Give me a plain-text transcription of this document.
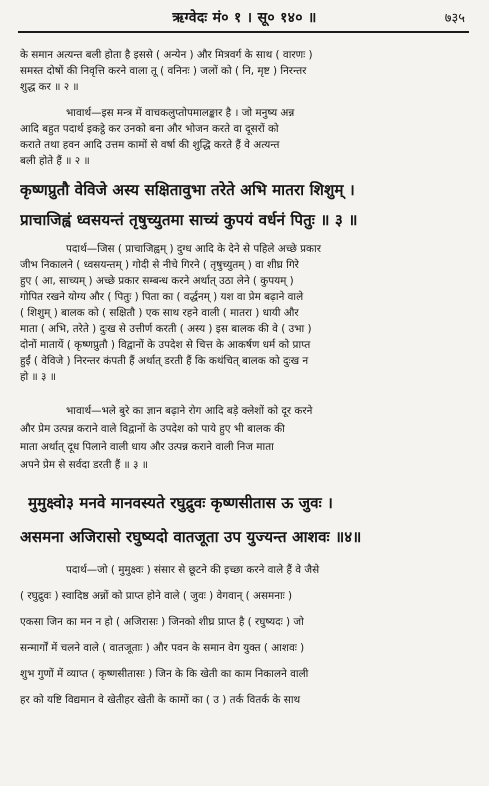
ऋग्वेदः मं० १ । सू० १४० ॥	७३५
के समान अत्यन्त बली होता है इससे ( अन्येन ) और मित्रवर्ग के साथ ( वारणः )
समस्त दोषों की निवृत्ति करने वाला तू ( वनिनः ) जलों को ( नि, मृष्ट ) निरन्तर
शुद्ध कर ॥ २ ॥
भावार्थ—इस मन्त्र में वाचकलुप्तोपमालङ्कार है । जो मनुष्य अन्न
आदि बहुत पदार्थ इकट्ठे कर उनको बना और भोजन करते वा दूसरों को
कराते तथा हवन आदि उत्तम कामों से वर्षा की शुद्धि करते हैं वे अत्यन्त
बली होते हैं ॥ २ ॥
कृष्णप्रुतौ वेविजे अस्य सक्षितावुभा तरेते अभि मातरा शिशुम् ।
प्राचाजिह्वं ध्वसयन्तं तृषुच्युतमा साच्यं कुपयं वर्धनं पितुः ॥ ३ ॥
पदार्थ—जिस ( प्राचाजिह्वम् ) दुग्ध आदि के देने से पहिले अच्छे प्रकार
जीभ निकालने ( ध्वसयन्तम् ) गोदी से नीचे गिरने ( तृषुच्युतम् ) वा शीघ्र गिरे
हुए ( आ, साच्यम् ) अच्छे प्रकार सम्बन्ध करने अर्थात् उठा लेने ( कुपयम् )
गोपित रखने योग्य और ( पितुः ) पिता का ( वर्द्धनम् ) यश वा प्रेम बढ़ाने वाले
( शिशुम् ) बालक को ( सक्षितौ ) एक साथ रहने वाली ( मातरा ) धायी और
माता ( अभि, तरेते ) दुःख से उत्तीर्ण करती ( अस्य ) इस बालक की वे ( उभा )
दोनों मातायें ( कृष्णप्रुतौ ) विद्वानों के उपदेश से चित्त के आकर्षण धर्म को प्राप्त
हुईं ( वेविजे ) निरन्तर कंपती हैं अर्थात् डरती हैं कि कथंचित् बालक को दुःख न
हो ॥ ३ ॥
भावार्थ—भले बुरे का ज्ञान बढ़ाने रोग आदि बड़े क्लेशों को दूर करने
और प्रेम उत्पन्न कराने वाले विद्वानों के उपदेश को पाये हुए भी बालक की
माता अर्थात् दूध पिलाने वाली धाय और उत्पन्न कराने वाली निज माता
अपने प्रेम से सर्वदा डरती हैं ॥ ३ ॥
मुमुक्ष्वो३ मनवे मानवस्यते रघुद्रुवः कृष्णसीतास ऊ जुवः ।
असमना अजिरासो रघुष्यदो वातजूता उप युज्यन्त आशवः ॥४॥
पदार्थ—जो ( मुमुक्ष्वः ) संसार से छूटने की इच्छा करने वाले हैं वे जैसे
( रघुद्रुवः ) स्वादिष्ठ अन्नों को प्राप्त होने वाले ( जुवः ) वेगवान् ( असमनाः )
एकसा जिन का मन न हो ( अजिरासः ) जिनको शीघ्र प्राप्त है ( रघुष्यदः ) जो
सन्मार्गों में चलने वाले ( वातजूताः ) और पवन के समान वेग युक्त ( आशवः )
शुभ गुणों में व्याप्त ( कृष्णसीतासः ) जिन के कि खेती का काम निकालने वाली
हर को यष्टि विद्यमान वे खेतीहर खेती के कामों का ( उ ) तर्क वितर्क के साथ
